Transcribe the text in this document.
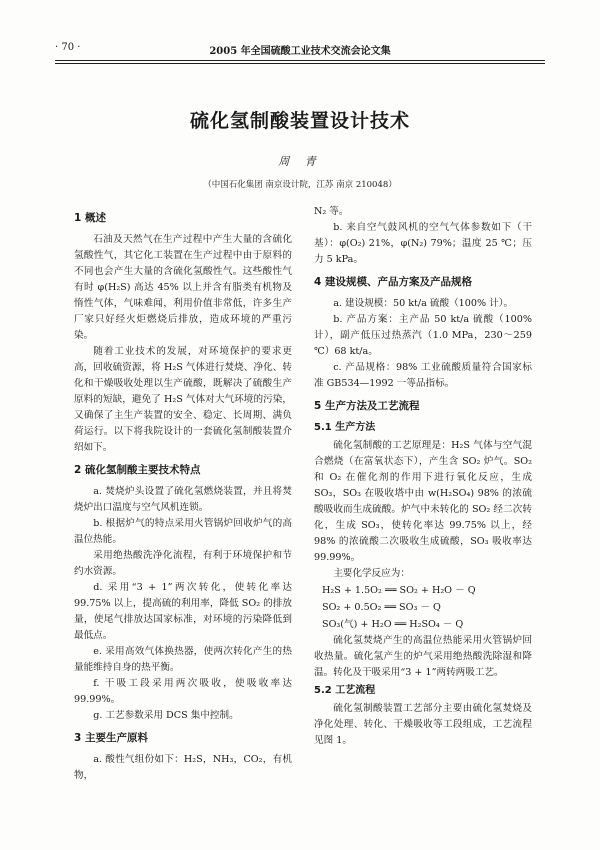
· 70 ·	2005 年全国硫酸工业技术交流会论文集
硫化氢制酸装置设计技术
周 青
（中国石化集团 南京设计院，江苏 南京 210048）
1 概述

石油及天然气在生产过程中产生大量的含硫化氢酸性气，其它化工装置在生产过程中由于原料的不同也会产生大量的含硫化氢酸性气。这些酸性气有时 φ(H₂S) 高达 45% 以上并含有脂类有机物及惰性气体，气味难闻，利用价值非常低，许多生产厂家只好经火炬燃烧后排放，造成环境的严重污染。

随着工业技术的发展，对环境保护的要求更高，回收硫资源，将 H₂S 气体进行焚烧、净化、转化和干燥吸收处理以生产硫酸，既解决了硫酸生产原料的短缺，避免了 H₂S 气体对大气环境的污染，又确保了主生产装置的安全、稳定、长周期、满负荷运行。以下将我院设计的一套硫化氢制酸装置介绍如下。

2 硫化氢制酸主要技术特点

a. 焚烧炉头设置了硫化氢燃烧装置，并且将焚烧炉出口温度与空气风机连锁。

b. 根据炉气的特点采用火管锅炉回收炉气的高温位热能。

采用绝热酸洗净化流程，有利于环境保护和节约水资源。

d. 采用“3 + 1”两次转化，使转化率达 99.75% 以上，提高硫的利用率，降低 SO₂ 的排放量，使尾气排放达国家标准，对环境的污染降低到最低点。

e. 采用高效气体换热器，使两次转化产生的热量能维持自身的热平衡。

f. 干吸工段采用两次吸收，使吸收率达 99.99%。

g. 工艺参数采用 DCS 集中控制。

3 主要生产原料

a. 酸性气组份如下：H₂S，NH₃，CO₂，有机物，

N₂ 等。

b. 来自空气鼓风机的空气气体参数如下（干基）：φ(O₂) 21%，φ(N₂) 79%；温度 25 ℃；压力 5 kPa。

4 建设规模、产品方案及产品规格

a. 建设规模：50 kt/a 硫酸（100% 计）。

b. 产品方案：主产品 50 kt/a 硫酸（100% 计），副产低压过热蒸汽（1.0 MPa，230～259 ℃）68 kt/a。

c. 产品规格：98% 工业硫酸质量符合国家标准 GB534—1992 一等品指标。

5 生产方法及工艺流程
5.1 生产方法

硫化氢制酸的工艺原理是：H₂S 气体与空气混合燃烧（在富氧状态下），产生含 SO₂ 炉气。SO₂ 和 O₂ 在催化剂的作用下进行氧化反应，生成 SO₃，SO₃ 在吸收塔中由 w(H₂SO₄) 98% 的浓硫酸吸收而生成硫酸。炉气中未转化的 SO₂ 经二次转化，生成 SO₃，使转化率达 99.75% 以上，经 98% 的浓硫酸二次吸收生成硫酸，SO₃ 吸收率达 99.99%。

主要化学反应为：

H₂S + 1.5O₂ ══ SO₂ + H₂O － Q
SO₂ + 0.5O₂ ══ SO₃ － Q
SO₃(气) + H₂O ══ H₂SO₄ － Q

硫化氢焚烧产生的高温位热能采用火管锅炉回收热量。硫化氢产生的炉气采用绝热酸洗除湿和降温。转化及干吸采用“3 + 1”两转两吸工艺。

5.2 工艺流程

硫化氢制酸装置工艺部分主要由硫化氢焚烧及净化处理、转化、干燥吸收等工段组成，工艺流程见图 1。
